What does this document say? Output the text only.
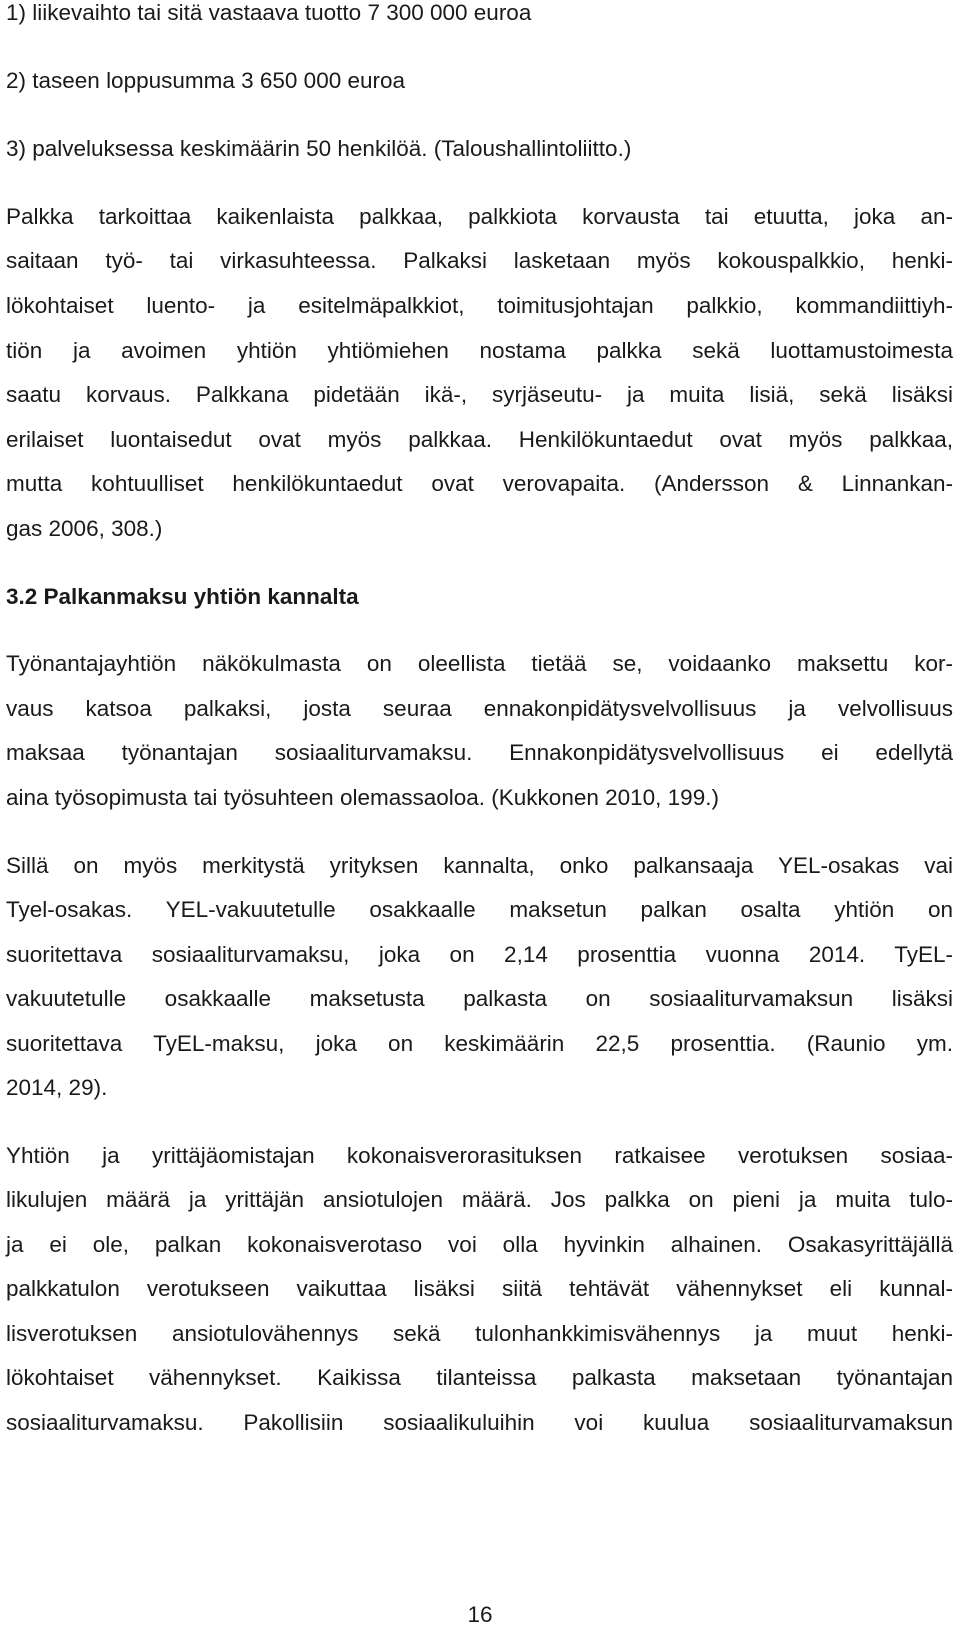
1) liikevaihto tai sitä vastaava tuotto 7 300 000 euroa
2) taseen loppusumma 3 650 000 euroa
3) palveluksessa keskimäärin 50 henkilöä. (Taloushallintoliitto.)
Palkka tarkoittaa kaikenlaista palkkaa, palkkiota korvausta tai etuutta, joka an-
saitaan työ- tai virkasuhteessa. Palkaksi lasketaan myös kokouspalkkio, henki-
lökohtaiset luento- ja esitelmäpalkkiot, toimitusjohtajan palkkio, kommandiittiyh-
tiön ja avoimen yhtiön yhtiömiehen nostama palkka sekä luottamustoimesta
saatu korvaus. Palkkana pidetään ikä-, syrjäseutu- ja muita lisiä, sekä lisäksi
erilaiset luontaisedut ovat myös palkkaa. Henkilökuntaedut ovat myös palkkaa,
mutta kohtuulliset henkilökuntaedut ovat verovapaita. (Andersson & Linnankan-
gas 2006, 308.)
3.2 Palkanmaksu yhtiön kannalta
Työnantajayhtiön näkökulmasta on oleellista tietää se, voidaanko maksettu kor-
vaus katsoa palkaksi, josta seuraa ennakonpidätysvelvollisuus ja velvollisuus
maksaa työnantajan sosiaaliturvamaksu. Ennakonpidätysvelvollisuus ei edellytä
aina työsopimusta tai työsuhteen olemassaoloa. (Kukkonen 2010, 199.)
Sillä on myös merkitystä yrityksen kannalta, onko palkansaaja YEL-osakas vai
Tyel-osakas. YEL-vakuutetulle osakkaalle maksetun palkan osalta yhtiön on
suoritettava sosiaaliturvamaksu, joka on 2,14 prosenttia vuonna 2014. TyEL-
vakuutetulle osakkaalle maksetusta palkasta on sosiaaliturvamaksun lisäksi
suoritettava TyEL-maksu, joka on keskimäärin 22,5 prosenttia. (Raunio ym.
2014, 29).
Yhtiön ja yrittäjäomistajan kokonaisverorasituksen ratkaisee verotuksen sosiaa-
likulujen määrä ja yrittäjän ansiotulojen määrä. Jos palkka on pieni ja muita tulo-
ja ei ole, palkan kokonaisverotaso voi olla hyvinkin alhainen. Osakasyrittäjällä
palkkatulon verotukseen vaikuttaa lisäksi siitä tehtävät vähennykset eli kunnal-
lisverotuksen ansiotulovähennys sekä tulonhankkimisvähennys ja muut henki-
lökohtaiset vähennykset. Kaikissa tilanteissa palkasta maksetaan työnantajan
sosiaaliturvamaksu. Pakollisiin sosiaalikuluihin voi kuulua sosiaaliturvamaksun
16
